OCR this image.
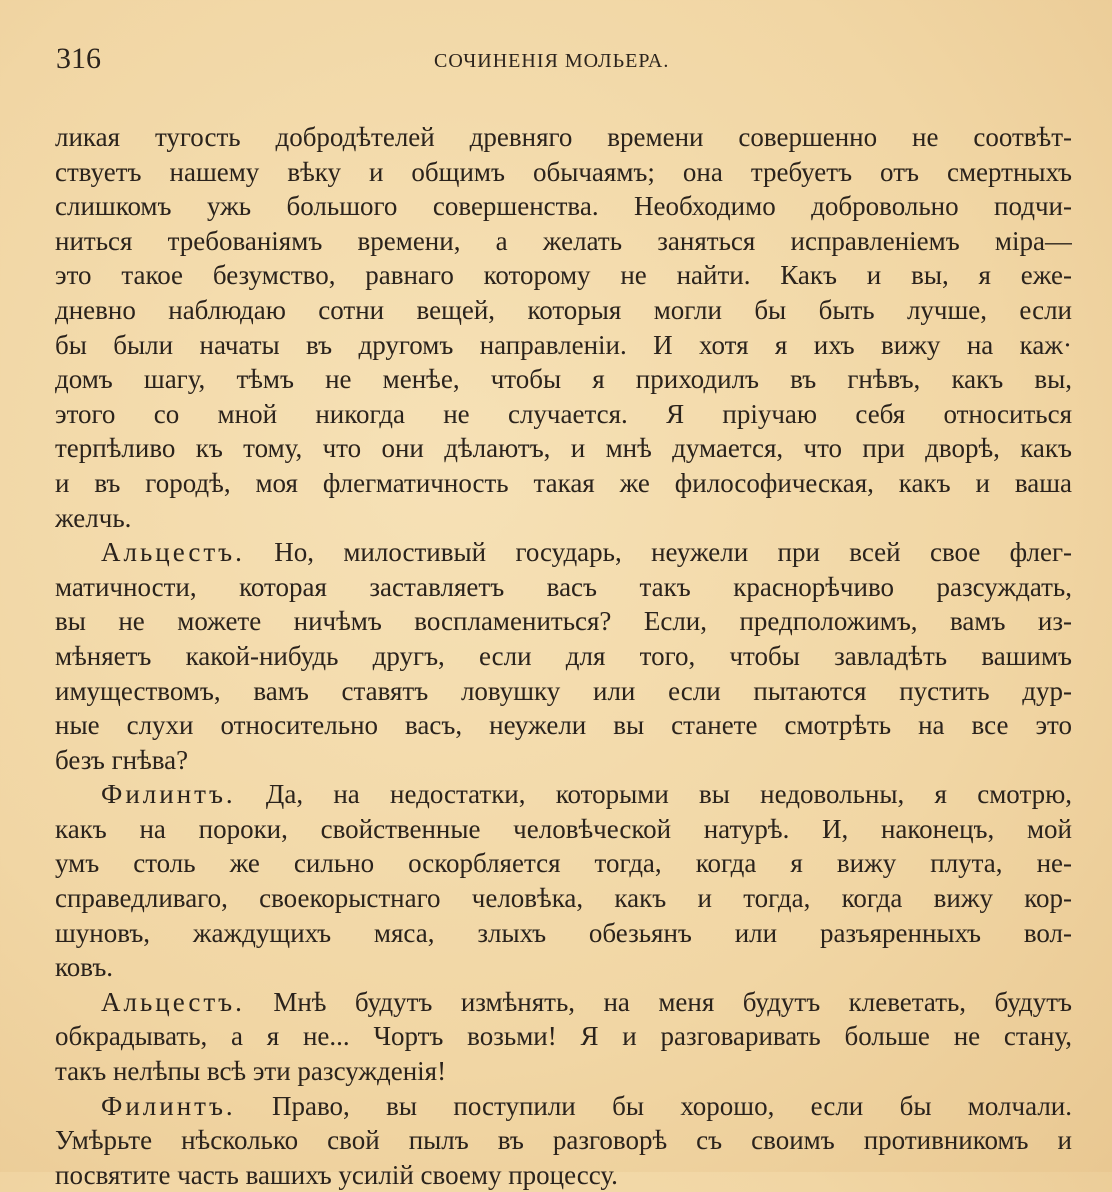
316	СОЧИНЕНІЯ МОЛЬЕРА.
ликая тугость добродѣтелей древняго времени совершенно не соотвѣт-
ствуетъ нашему вѣку и общимъ обычаямъ; она требуетъ отъ смертныхъ
слишкомъ ужь большого совершенства. Необходимо добровольно подчи-
ниться требованіямъ времени, а желать заняться исправленіемъ міра—
это такое безумство, равнаго которому не найти. Какъ и вы, я еже-
дневно наблюдаю сотни вещей, которыя могли бы быть лучше, если
бы были начаты въ другомъ направленіи. И хотя я ихъ вижу на каж·
домъ шагу, тѣмъ не менѣе, чтобы я приходилъ въ гнѣвъ, какъ вы,
этого со мной никогда не случается. Я пріучаю себя относиться
терпѣливо къ тому, что они дѣлаютъ, и мнѣ думается, что при дворѣ, какъ
и въ городѣ, моя флегматичность такая же философическая, какъ и ваша
желчь.
Альцестъ. Но, милостивый государь, неужели при всей свое флег-
матичности, которая заставляетъ васъ такъ краснорѣчиво разсуждать,
вы не можете ничѣмъ воспламениться? Если, предположимъ, вамъ из-
мѣняетъ какой-нибудь другъ, если для того, чтобы завладѣть вашимъ
имуществомъ, вамъ ставятъ ловушку или если пытаются пустить дур-
ные слухи относительно васъ, неужели вы станете смотрѣть на все это
безъ гнѣва?
Филинтъ. Да, на недостатки, которыми вы недовольны, я смотрю,
какъ на пороки, свойственные человѣческой натурѣ. И, наконецъ, мой
умъ столь же сильно оскорбляется тогда, когда я вижу плута, не-
справедливаго, своекорыстнаго человѣка, какъ и тогда, когда вижу кор-
шуновъ, жаждущихъ мяса, злыхъ обезьянъ или разъяренныхъ вол-
ковъ.
Альцестъ. Мнѣ будутъ измѣнять, на меня будутъ клеветать, будутъ
обкрадывать, а я не... Чортъ возьми! Я и разговаривать больше не стану,
такъ нелѣпы всѣ эти разсужденія!
Филинтъ. Право, вы поступили бы хорошо, если бы молчали.
Умѣрьте нѣсколько свой пылъ въ разговорѣ съ своимъ противникомъ и
посвятите часть вашихъ усилій своему процессу.
